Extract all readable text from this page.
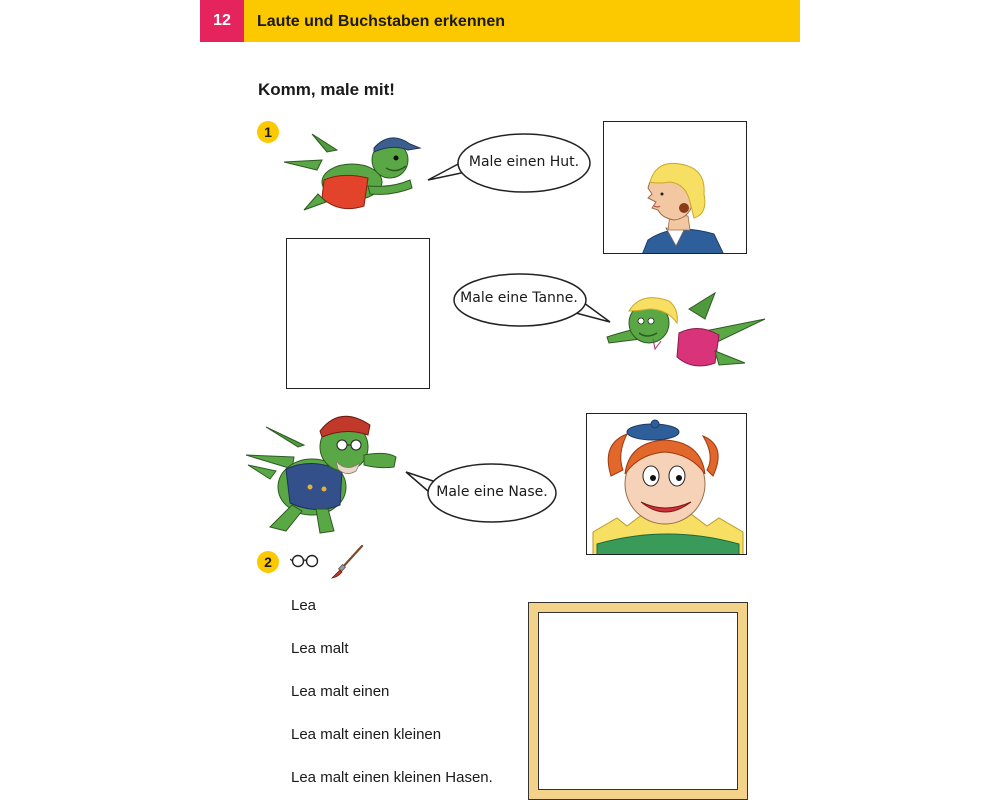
12	Laute und Buchstaben erkennen
Komm, male mit!
1
Male einen Hut.
Male eine Tanne.
Male eine Nase.
2
Lea
Lea malt
Lea malt einen
Lea malt einen kleinen
Lea malt einen kleinen Hasen.
